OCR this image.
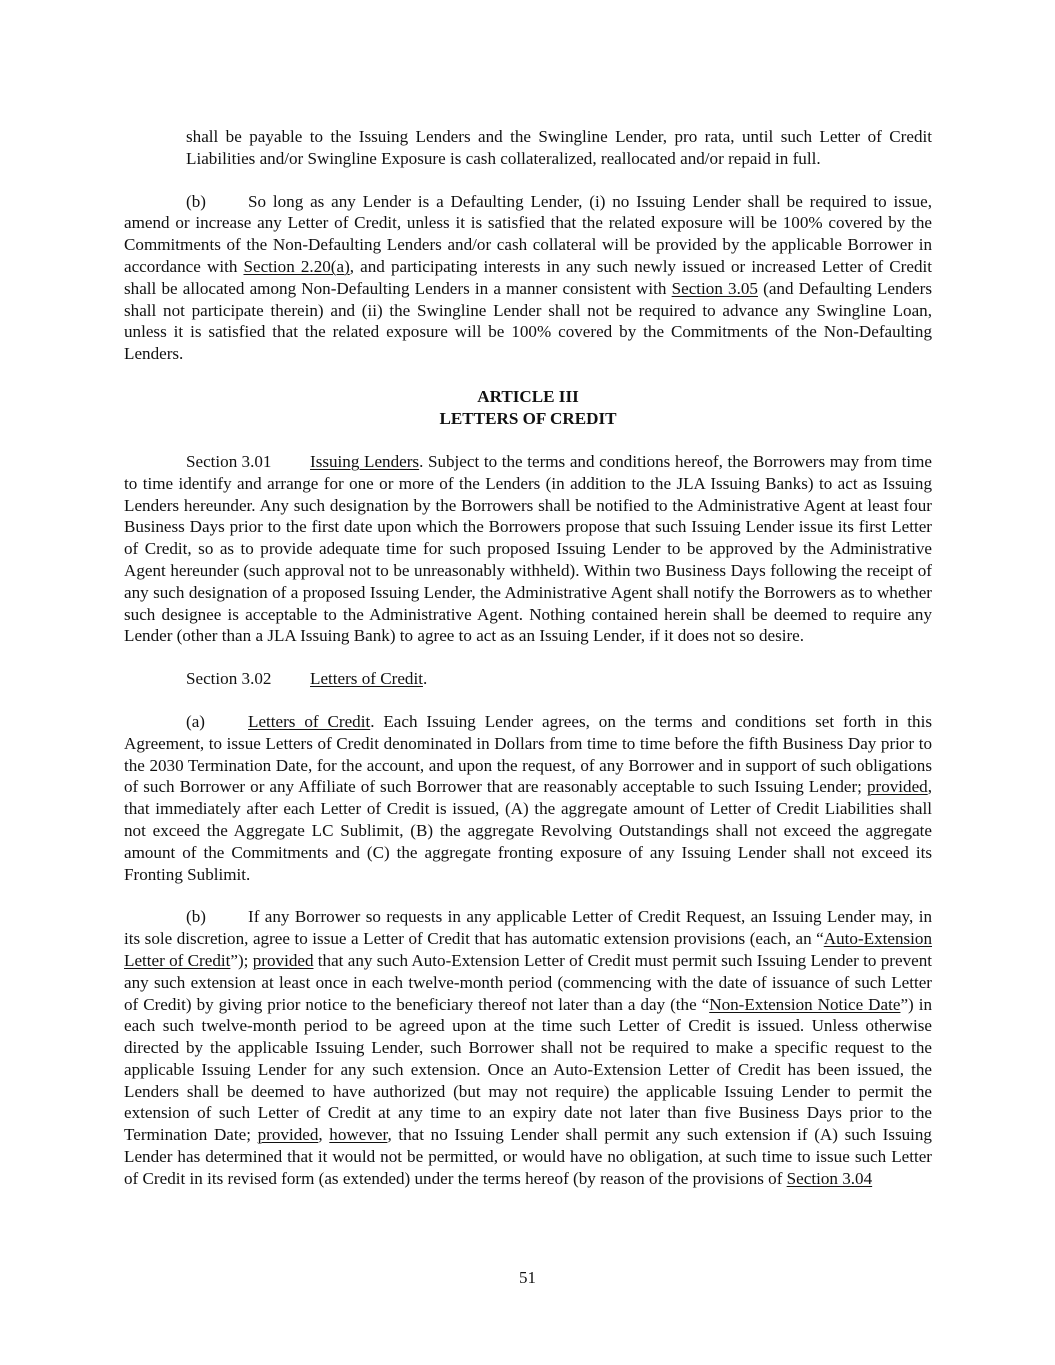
shall be payable to the Issuing Lenders and the Swingline Lender, pro rata, until such Letter of Credit Liabilities and/or Swingline Exposure is cash collateralized, reallocated and/or repaid in full.

(b) So long as any Lender is a Defaulting Lender, (i) no Issuing Lender shall be required to issue, amend or increase any Letter of Credit, unless it is satisfied that the related exposure will be 100% covered by the Commitments of the Non-Defaulting Lenders and/or cash collateral will be provided by the applicable Borrower in accordance with Section 2.20(a), and participating interests in any such newly issued or increased Letter of Credit shall be allocated among Non-Defaulting Lenders in a manner consistent with Section 3.05 (and Defaulting Lenders shall not participate therein) and (ii) the Swingline Lender shall not be required to advance any Swingline Loan, unless it is satisfied that the related exposure will be 100% covered by the Commitments of the Non-Defaulting Lenders.

ARTICLE III

LETTERS OF CREDIT

Section 3.01 Issuing Lenders. Subject to the terms and conditions hereof, the Borrowers may from time to time identify and arrange for one or more of the Lenders (in addition to the JLA Issuing Banks) to act as Issuing Lenders hereunder. Any such designation by the Borrowers shall be notified to the Administrative Agent at least four Business Days prior to the first date upon which the Borrowers propose that such Issuing Lender issue its first Letter of Credit, so as to provide adequate time for such proposed Issuing Lender to be approved by the Administrative Agent hereunder (such approval not to be unreasonably withheld). Within two Business Days following the receipt of any such designation of a proposed Issuing Lender, the Administrative Agent shall notify the Borrowers as to whether such designee is acceptable to the Administrative Agent. Nothing contained herein shall be deemed to require any Lender (other than a JLA Issuing Bank) to agree to act as an Issuing Lender, if it does not so desire.

Section 3.02 Letters of Credit.

(a)	Letters of Credit. Each Issuing Lender agrees, on the terms and conditions set forth in this Agreement, to issue Letters of Credit denominated in Dollars from time to time before the fifth Business Day prior to the 2030 Termination Date, for the account, and upon the request, of any Borrower and in support of such obligations of such Borrower or any Affiliate of such Borrower that are reasonably acceptable to such Issuing Lender; provided, that immediately after each Letter of Credit is issued, (A) the aggregate amount of Letter of Credit Liabilities shall not exceed the Aggregate LC Sublimit, (B) the aggregate Revolving Outstandings shall not exceed the aggregate amount of the Commitments and (C) the aggregate fronting exposure of any Issuing Lender shall not exceed its Fronting Sublimit.

(b) If any Borrower so requests in any applicable Letter of Credit Request, an Issuing Lender may, in its sole discretion, agree to issue a Letter of Credit that has automatic extension provisions (each, an “Auto-Extension Letter of Credit”); provided that any such Auto-Extension Letter of Credit must permit such Issuing Lender to prevent any such extension at least once in each twelve-month period (commencing with the date of issuance of such Letter of Credit) by giving prior notice to the beneficiary thereof not later than a day (the “Non-Extension Notice Date”) in each such twelve-month period to be agreed upon at the time such Letter of Credit is issued. Unless otherwise directed by the applicable Issuing Lender, such Borrower shall not be required to make a specific request to the applicable Issuing Lender for any such extension. Once an Auto-Extension Letter of Credit has been issued, the Lenders shall be deemed to have authorized (but may not require) the applicable Issuing Lender to permit the extension of such Letter of Credit at any time to an expiry date not later than five Business Days prior to the Termination Date; provided, however, that no Issuing Lender shall permit any such extension if (A) such Issuing Lender has determined that it would not be permitted, or would have no obligation, at such time to issue such Letter of Credit in its revised form (as extended) under the terms hereof (by reason of the provisions of Section 3.04

51
